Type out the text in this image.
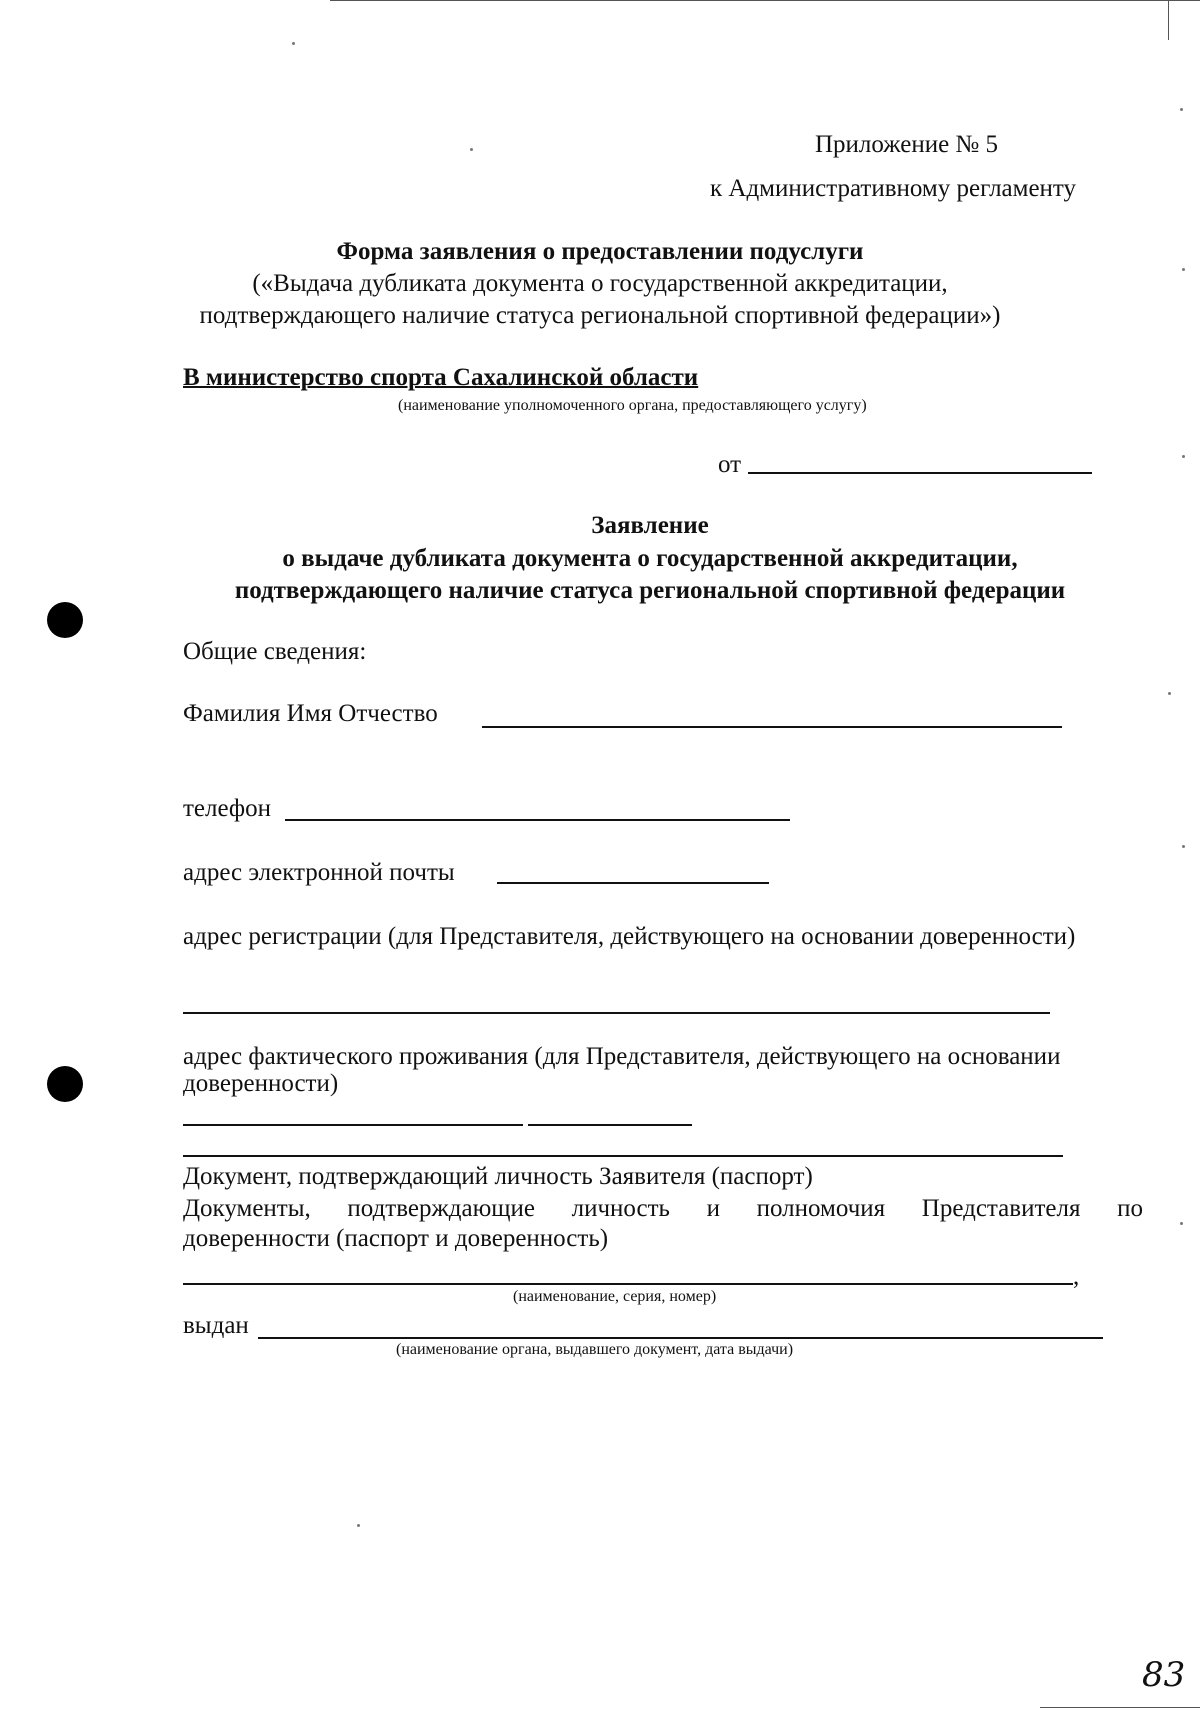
Приложение № 5
к Административному регламенту
Форма заявления о предоставлении подуслуги
(«Выдача дубликата документа о государственной аккредитации,
подтверждающего наличие статуса региональной спортивной федерации»)
В министерство спорта Сахалинской области
(наименование уполномоченного органа, предоставляющего услугу)
от
Заявление
о выдаче дубликата документа о государственной аккредитации,
подтверждающего наличие статуса региональной спортивной федерации
Общие сведения:
Фамилия Имя Отчество
телефон
адрес электронной почты
адрес регистрации (для Представителя, действующего на основании доверенности)
адрес фактического проживания (для Представителя, действующего на основании
доверенности)
Документ, подтверждающий личность Заявителя (паспорт)
Документы, подтверждающие личность и полномочия Представителя по
доверенности (паспорт и доверенность)
,
(наименование, серия, номер)
выдан
(наименование органа, выдавшего документ, дата выдачи)
83
